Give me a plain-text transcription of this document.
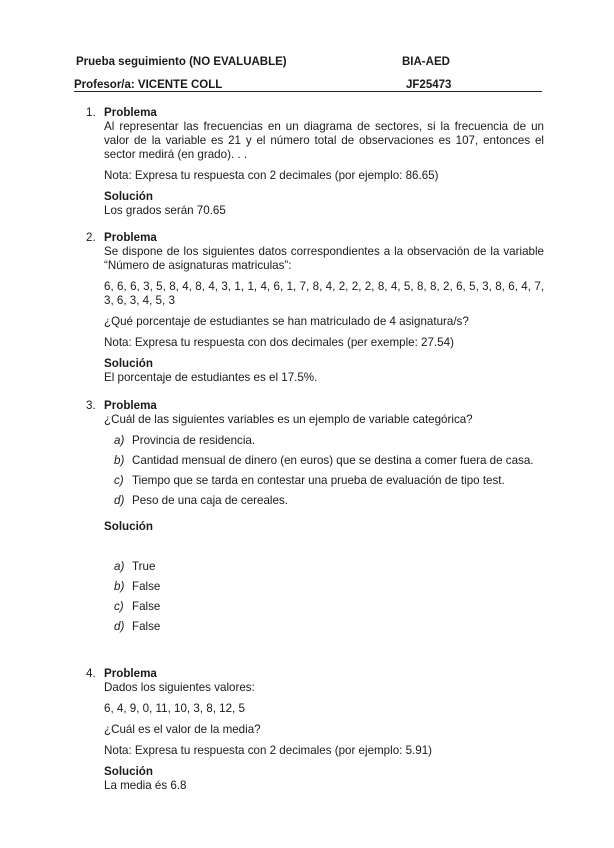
Prueba seguimiento (NO EVALUABLE)	BIA-AED
Profesor/a: VICENTE COLL	JF25473
1. Problema

Al representar las frecuencias en un diagrama de sectores, si la frecuencia de un valor de la variable es 21 y el número total de observaciones es 107, entonces el sector medirá (en grado). . .

Nota: Expresa tu respuesta con 2 decimales (por ejemplo: 86.65)

Solución

Los grados serán 70.65

2. Problema

Se dispone de los siguientes datos correspondientes a la observación de la variable “Número de asignaturas matriculas”:

6, 6, 6, 3, 5, 8, 4, 8, 4, 3, 1, 1, 4, 6, 1, 7, 8, 4, 2, 2, 2, 8, 4, 5, 8, 8, 2, 6, 5, 3, 8, 6, 4, 7, 3, 6, 3, 4, 5, 3

¿Qué porcentaje de estudiantes se han matriculado de 4 asignatura/s?

Nota: Expresa tu respuesta con dos decimales (per exemple: 27.54)

Solución

El porcentaje de estudiantes es el 17.5%.

3. Problema

¿Cuál de las siguientes variables es un ejemplo de variable categórica?

a) Provincia de residencia.

b) Cantidad mensual de dinero (en euros) que se destina a comer fuera de casa.

c) Tiempo que se tarda en contestar una prueba de evaluación de tipo test.

d) Peso de una caja de cereales.

Solución

a) True

b) False

c) False

d) False

4. Problema

Dados los siguientes valores:

6, 4, 9, 0, 11, 10, 3, 8, 12, 5

¿Cuál es el valor de la media?

Nota: Expresa tu respuesta con 2 decimales (por ejemplo: 5.91)

Solución

La media és 6.8
